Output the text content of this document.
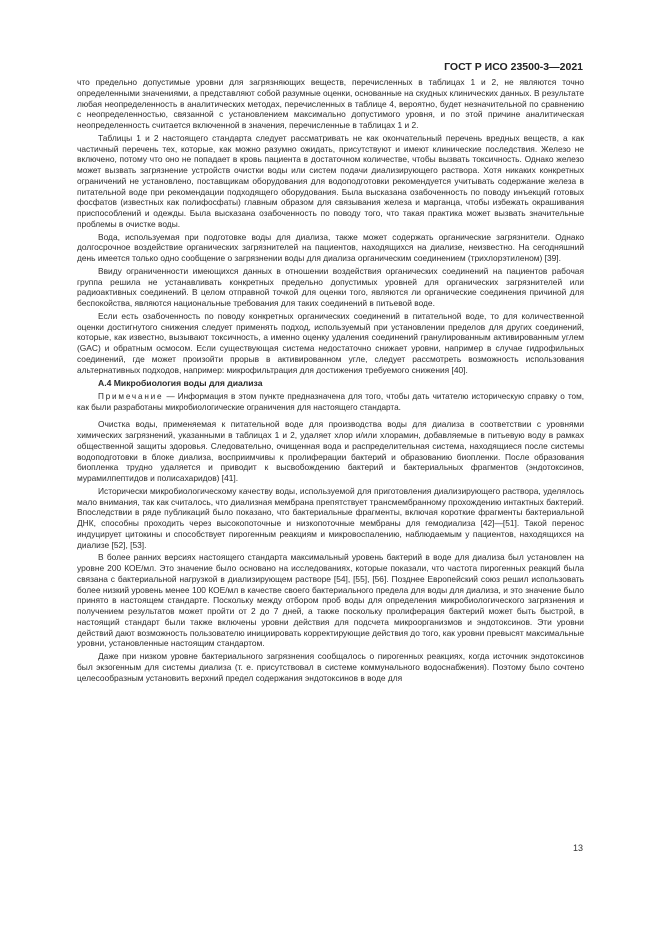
ГОСТ Р ИСО 23500-3—2021

что предельно допустимые уровни для загрязняющих веществ, перечисленных в таблицах 1 и 2, не являются точно определенными значениями, а представляют собой разумные оценки, основанные на скудных клинических данных. В результате любая неопределенность в аналитических методах, перечисленных в таблице 4, вероятно, будет незначительной по сравнению с неопределенностью, связанной с установлением максимально допустимого уровня, и по этой причине аналитическая неопределенность считается включенной в значения, перечисленные в таблицах 1 и 2.

Таблицы 1 и 2 настоящего стандарта следует рассматривать не как окончательный перечень вредных веществ, а как частичный перечень тех, которые, как можно разумно ожидать, присутствуют и имеют клинические последствия. Железо не включено, потому что оно не попадает в кровь пациента в достаточном количестве, чтобы вызвать токсичность. Однако железо может вызвать загрязнение устройств очистки воды или систем подачи диализирующего раствора. Хотя никаких конкретных ограничений не установлено, поставщикам оборудования для водоподготовки рекомендуется учитывать содержание железа в питательной воде при рекомендации подходящего оборудования. Была высказана озабоченность по поводу инъекций готовых фосфатов (известных как полифосфаты) главным образом для связывания железа и марганца, чтобы избежать окрашивания приспособлений и одежды. Была высказана озабоченность по поводу того, что такая практика может вызвать значительные проблемы в очистке воды.

Вода, используемая при подготовке воды для диализа, также может содержать органические загрязнители. Однако долгосрочное воздействие органических загрязнителей на пациентов, находящихся на диализе, неизвестно. На сегодняшний день имеется только одно сообщение о загрязнении воды для диализа органическим соединением (трихлорэтиленом) [39].

Ввиду ограниченности имеющихся данных в отношении воздействия органических соединений на пациентов рабочая группа решила не устанавливать конкретных предельно допустимых уровней для органических загрязнителей или радиоактивных соединений. В целом отправной точкой для оценки того, являются ли органические соединения причиной для беспокойства, являются национальные требования для таких соединений в питьевой воде.

Если есть озабоченность по поводу конкретных органических соединений в питательной воде, то для количественной оценки достигнутого снижения следует применять подход, используемый при установлении пределов для других соединений, которые, как известно, вызывают токсичность, а именно оценку удаления соединений гранулированным активированным углем (GAC) и обратным осмосом. Если существующая система недостаточно снижает уровни, например в случае гидрофильных соединений, где может произойти прорыв в активированном угле, следует рассмотреть возможность использования альтернативных подходов, например: микрофильтрация для достижения требуемого снижения [40].

А.4 Микробиология воды для диализа

Примечание — Информация в этом пункте предназначена для того, чтобы дать читателю историческую справку о том, как были разработаны микробиологические ограничения для настоящего стандарта.

Очистка воды, применяемая к питательной воде для производства воды для диализа в соответствии с уровнями химических загрязнений, указанными в таблицах 1 и 2, удаляет хлор и/или хлорамин, добавляемые в питьевую воду в рамках общественной защиты здоровья. Следовательно, очищенная вода и распределительная система, находящиеся после системы водоподготовки в блоке диализа, восприимчивы к пролиферации бактерий и образованию биопленки. После образования биопленка трудно удаляется и приводит к высвобождению бактерий и бактериальных фрагментов (эндотоксинов, мурамилпептидов и полисахаридов) [41].

Исторически микробиологическому качеству воды, используемой для приготовления диализирующего раствора, уделялось мало внимания, так как считалось, что диализная мембрана препятствует трансмембранному прохождению интактных бактерий. Впоследствии в ряде публикаций было показано, что бактериальные фрагменты, включая короткие фрагменты бактериальной ДНК, способны проходить через высокопоточные и низкопоточные мембраны для гемодиализа [42]—[51]. Такой перенос индуцирует цитокины и способствует пирогенным реакциям и микровоспалению, наблюдаемым у пациентов, находящихся на диализе [52], [53].

В более ранних версиях настоящего стандарта максимальный уровень бактерий в воде для диализа был установлен на уровне 200 КОЕ/мл. Это значение было основано на исследованиях, которые показали, что частота пирогенных реакций была связана с бактериальной нагрузкой в диализирующем растворе [54], [55], [56]. Позднее Европейский союз решил использовать более низкий уровень менее 100 КОЕ/мл в качестве своего бактериального предела для воды для диализа, и это значение было принято в настоящем стандарте. Поскольку между отбором проб воды для определения микробиологического загрязнения и получением результатов может пройти от 2 до 7 дней, а также поскольку пролиферация бактерий может быть быстрой, в настоящий стандарт были также включены уровни действия для подсчета микроорганизмов и эндотоксинов. Эти уровни действий дают возможность пользователю инициировать корректирующие действия до того, как уровни превысят максимальные уровни, установленные настоящим стандартом.

Даже при низком уровне бактериального загрязнения сообщалось о пирогенных реакциях, когда источник эндотоксинов был экзогенным для системы диализа (т. е. присутствовал в системе коммунального водоснабжения). Поэтому было сочтено целесообразным установить верхний предел содержания эндотоксинов в воде для

13
